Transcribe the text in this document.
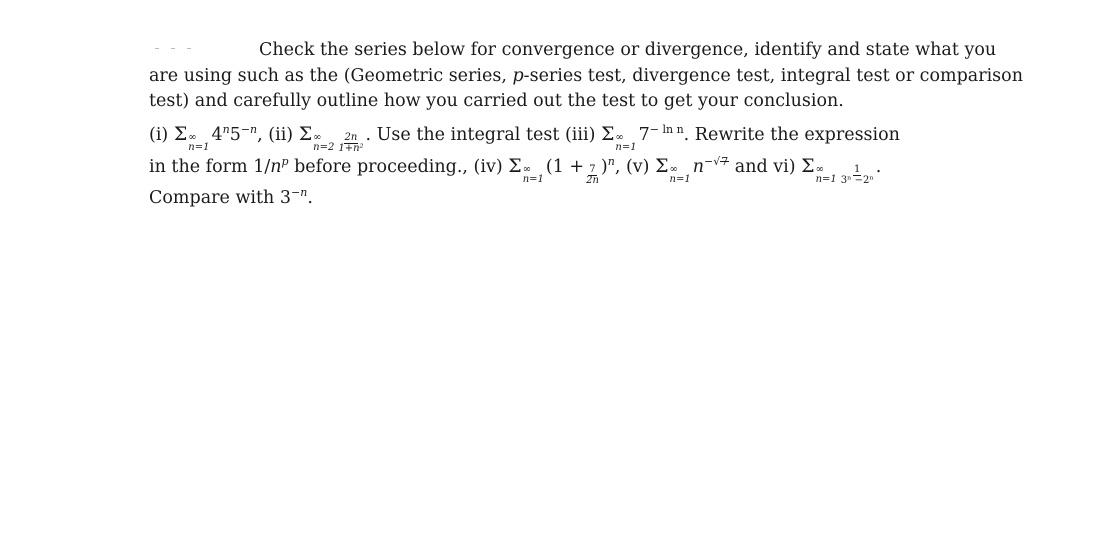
Check the series below for convergence or divergence, identify and state what you
are using such as the (Geometric series, p -series test, divergence test, integral test or comparison
test) and carefully outline how you carried out the test to get your conclusion.
(i)
Σ ∞
n=1
$4^n5^{-n}$ , (ii)
Σ ∞
$n=2 \frac{2n}{\text{1+n²}}$ . Use the integral test
(iii)
Σ ∞
n=1
$7^{- ln n}$ . Rewrite the expression
in the form 1/ $n^p$ before proceeding., (iv)
Σ ∞
n=1
$(1 + \frac{7}{2n} )^n$ , (v)
Σ ∞
n=1
n $^{-√7}$ and vi)
Σ ∞
$n=1 \frac{1}{\text{3ⁿ −2ⁿ}}$ .
Compare with $3^{-n}$ .
